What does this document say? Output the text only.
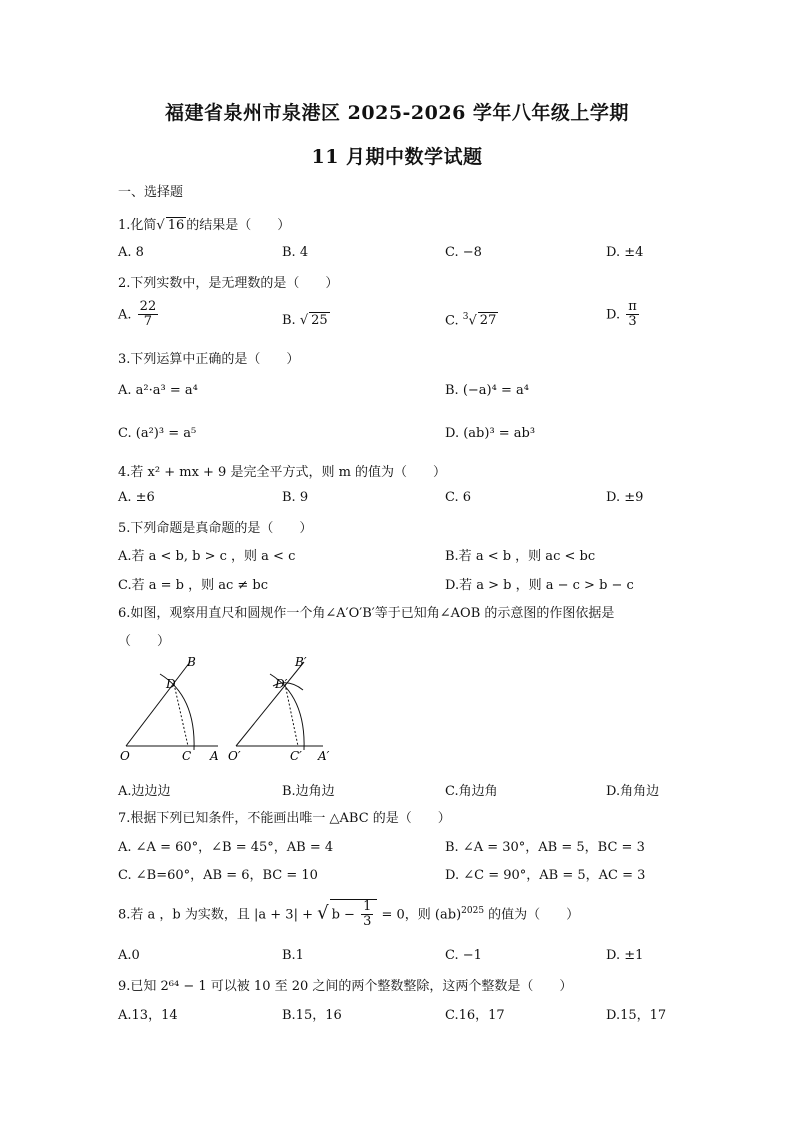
福建省泉州市泉港区 2025-2026 学年八年级上学期
11 月期中数学试题
一、选择题
1.化简√ 16 的结果是（　　）
A. 8	B. 4	C. −8	D. ±4
2.下列实数中，是无理数的是（　　）
A. $\frac{22}{7}$	B. √ 25	C. $^3$√ 27	D. $\frac{\pi}{3}$
3.下列运算中正确的是（　　）
A. a²·a³ = a⁴	B. (−a)⁴ = a⁴
C. (a²)³ = a⁵	D. (ab)³ = ab³
4.若 x² + mx + 9 是完全平方式，则 m 的值为（　　）
A. ±6	B. 9	C. 6	D. ±9
5.下列命题是真命题的是（　　）
A.若 a < b, b > c ，则 a < c	B.若 a < b ，则 ac < bc
C.若 a = b ，则 ac ≠ bc	D.若 a > b ，则 a − c > b − c
6.如图，观察用直尺和圆规作一个角∠A′O′B′等于已知角∠AOB 的示意图的作图依据是
（　　）
B
D
O	C A
B′
D′
O′	C′ A′
A.边边边	B.边角边	C.角边角	D.角角边
7.根据下列已知条件，不能画出唯一 △ABC 的是（　　）
A. ∠A = 60°，∠B = 45°，AB = 4	B. ∠A = 30°，AB = 5，BC = 3
C. ∠B=60°，AB = 6，BC = 10	D. ∠C = 90°，AB = 5，AC = 3
8.若 a ，b 为实数，且 |a + 3| + √ $b - \frac{1}{3} = 0$，则 (ab)$^{2025}$ 的值为（　　）
A.0	B.1	C. −1	D. ±1
9.已知 2⁶⁴ − 1 可以被 10 至 20 之间的两个整数整除，这两个整数是（　　）
A.13，14	B.15，16	C.16，17	D.15，17
